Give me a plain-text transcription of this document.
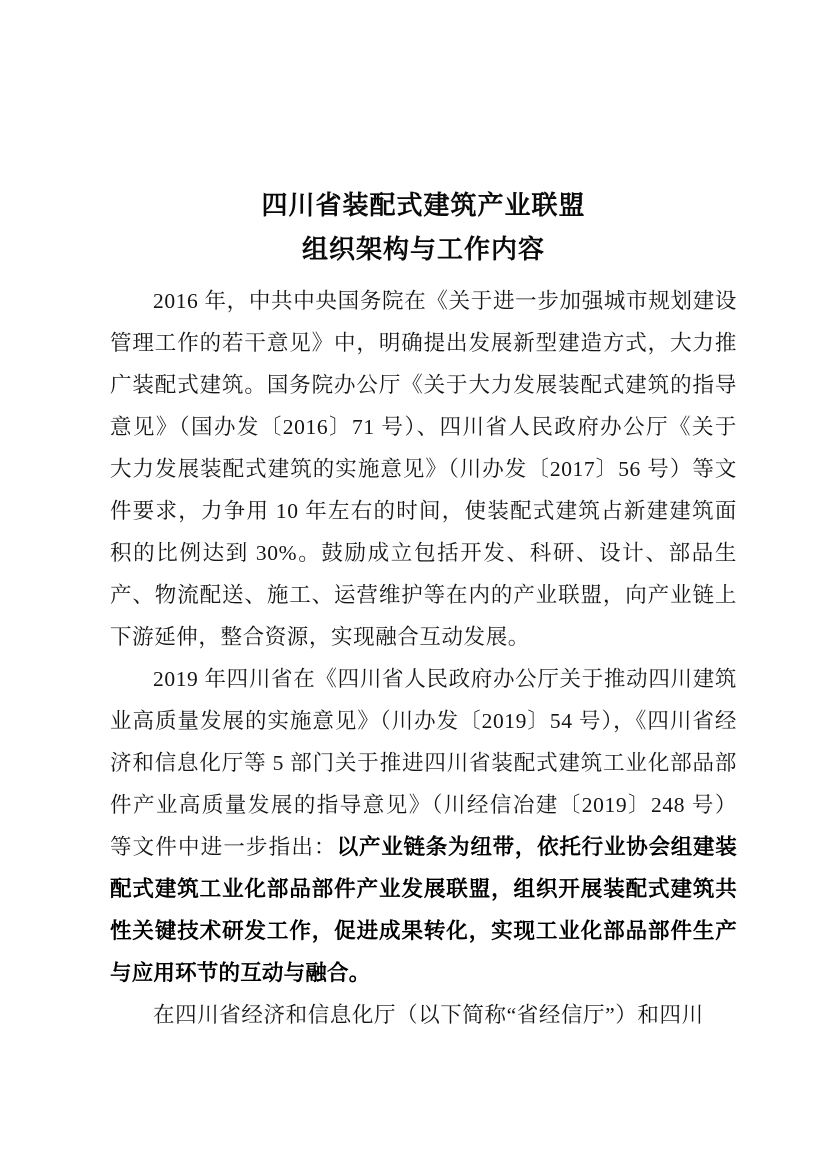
四川省装配式建筑产业联盟
组织架构与工作内容

2016 年，中共中央国务院在《关于进一步加强城市规划建设管理工作的若干意见》中，明确提出发展新型建造方式，大力推广装配式建筑。国务院办公厅《关于大力发展装配式建筑的指导意见》（国办发〔2016〕71 号）、四川省人民政府办公厅《关于大力发展装配式建筑的实施意见》（川办发〔2017〕56 号）等文件要求，力争用 10 年左右的时间，使装配式建筑占新建建筑面积的比例达到 30%。鼓励成立包括开发、科研、设计、部品生产、物流配送、施工、运营维护等在内的产业联盟，向产业链上下游延伸，整合资源，实现融合互动发展。

2019 年四川省在《四川省人民政府办公厅关于推动四川建筑业高质量发展的实施意见》（川办发〔2019〕54 号），《四川省经济和信息化厅等 5 部门关于推进四川省装配式建筑工业化部品部件产业高质量发展的指导意见》（川经信冶建〔2019〕248 号）等文件中进一步指出：以产业链条为纽带，依托行业协会组建装配式建筑工业化部品部件产业发展联盟，组织开展装配式建筑共性关键技术研发工作，促进成果转化，实现工业化部品部件生产与应用环节的互动与融合。

在四川省经济和信息化厅（以下简称“省经信厅”）和四川
